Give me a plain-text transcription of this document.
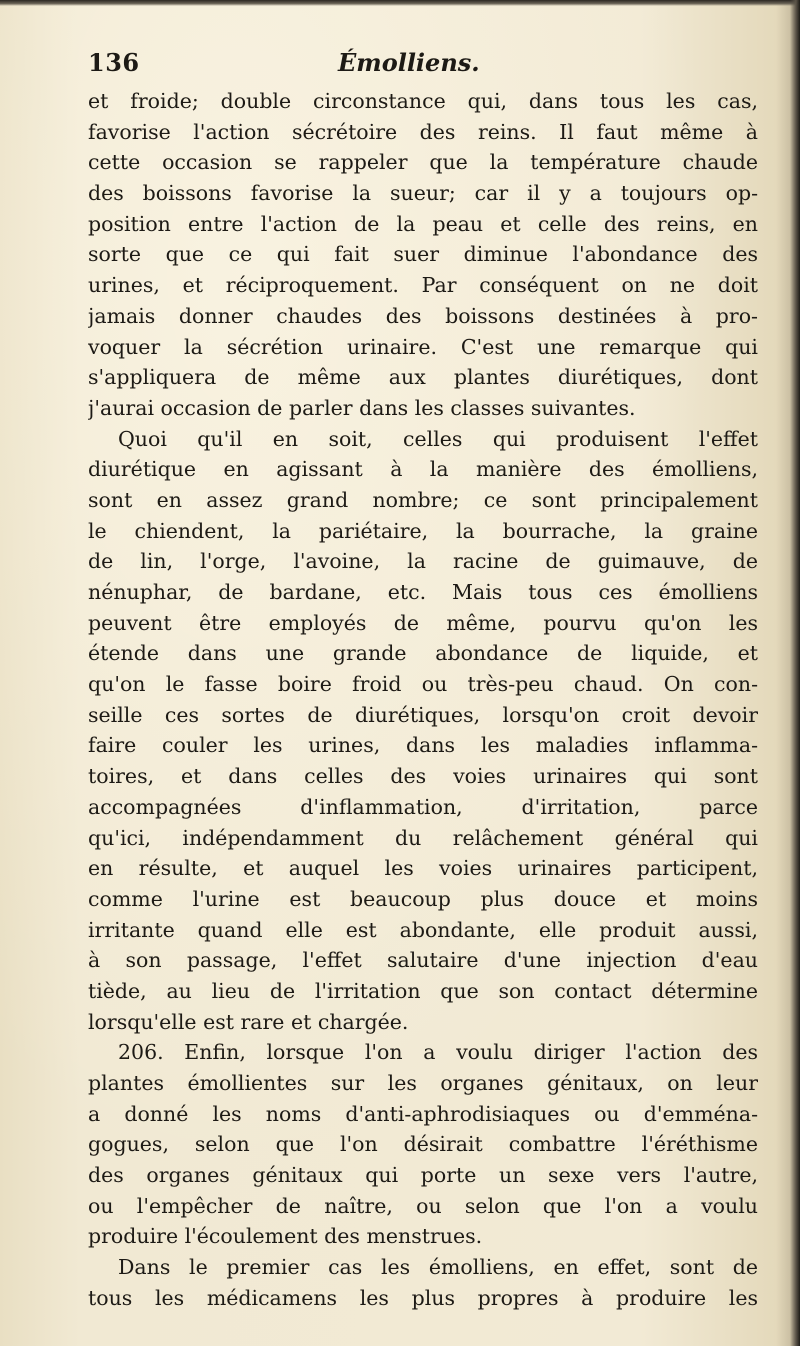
136	Émolliens.
et froide; double circonstance qui, dans tous les cas,
favorise l'action sécrétoire des reins. Il faut même à
cette occasion se rappeler que la température chaude
des boissons favorise la sueur; car il y a toujours op-
position entre l'action de la peau et celle des reins, en
sorte que ce qui fait suer diminue l'abondance des
urines, et réciproquement. Par conséquent on ne doit
jamais donner chaudes des boissons destinées à pro-
voquer la sécrétion urinaire. C'est une remarque qui
s'appliquera de même aux plantes diurétiques, dont
j'aurai occasion de parler dans les classes suivantes.
Quoi qu'il en soit, celles qui produisent l'effet
diurétique en agissant à la manière des émolliens,
sont en assez grand nombre; ce sont principalement
le chiendent, la pariétaire, la bourrache, la graine
de lin, l'orge, l'avoine, la racine de guimauve, de
nénuphar, de bardane, etc. Mais tous ces émolliens
peuvent être employés de même, pourvu qu'on les
étende dans une grande abondance de liquide, et
qu'on le fasse boire froid ou très-peu chaud. On con-
seille ces sortes de diurétiques, lorsqu'on croit devoir
faire couler les urines, dans les maladies inflamma-
toires, et dans celles des voies urinaires qui sont
accompagnées d'inflammation, d'irritation, parce
qu'ici, indépendamment du relâchement général qui
en résulte, et auquel les voies urinaires participent,
comme l'urine est beaucoup plus douce et moins
irritante quand elle est abondante, elle produit aussi,
à son passage, l'effet salutaire d'une injection d'eau
tiède, au lieu de l'irritation que son contact détermine
lorsqu'elle est rare et chargée.
206. Enfin, lorsque l'on a voulu diriger l'action des
plantes émollientes sur les organes génitaux, on leur
a donné les noms d'anti-aphrodisiaques ou d'emména-
gogues, selon que l'on désirait combattre l'éréthisme
des organes génitaux qui porte un sexe vers l'autre,
ou l'empêcher de naître, ou selon que l'on a voulu
produire l'écoulement des menstrues.
Dans le premier cas les émolliens, en effet, sont de
tous les médicamens les plus propres à produire les
